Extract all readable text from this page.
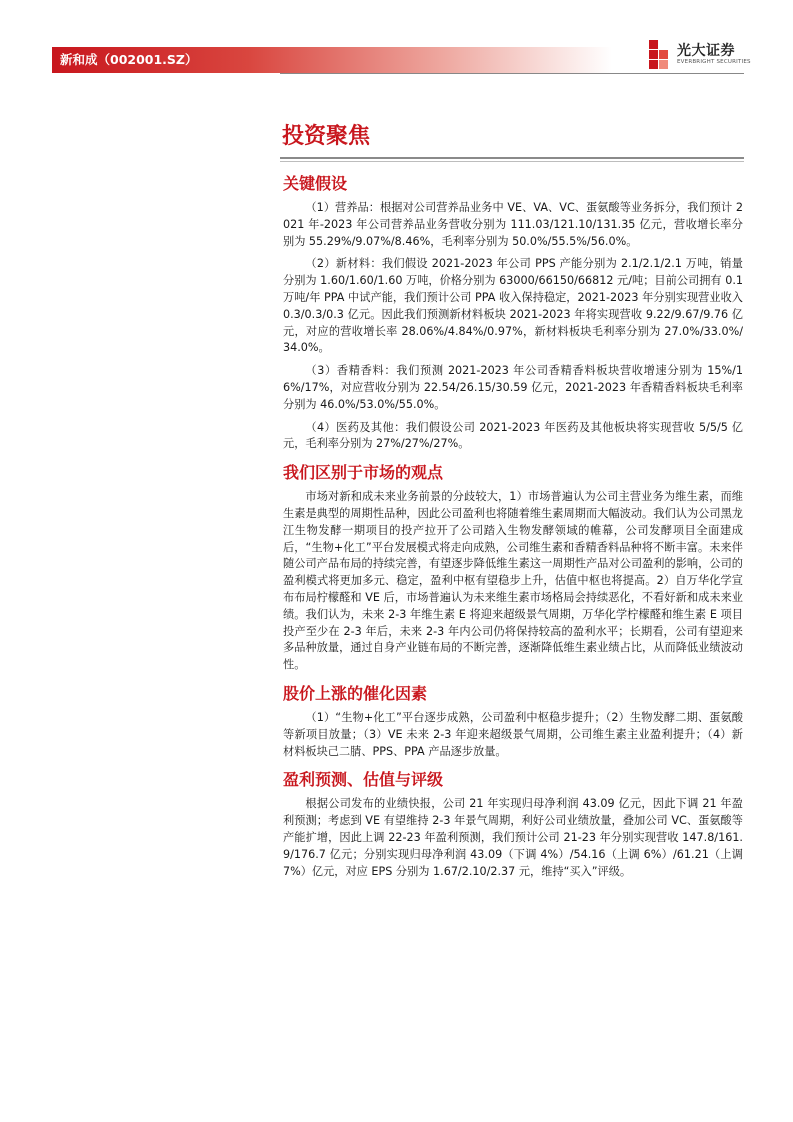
新和成（002001.SZ）
光大证券
EVERBRIGHT SECURITIES
投资聚焦
关键假设

（1）营养品：根据对公司营养品业务中 VE、VA、VC、蛋氨酸等业务拆分，我们预计 2021 年-2023 年公司营养品业务营收分别为 111.03/121.10/131.35 亿元，营收增长率分别为 55.29%/9.07%/8.46%，毛利率分别为 50.0%/55.5%/56.0%。

（2）新材料：我们假设 2021-2023 年公司 PPS 产能分别为 2.1/2.1/2.1 万吨，销量分别为 1.60/1.60/1.60 万吨，价格分别为 63000/66150/66812 元/吨；目前公司拥有 0.1 万吨/年 PPA 中试产能，我们预计公司 PPA 收入保持稳定，2021-2023 年分别实现营业收入 0.3/0.3/0.3 亿元。因此我们预测新材料板块 2021-2023 年将实现营收 9.22/9.67/9.76 亿元，对应的营收增长率 28.06%/4.84%/0.97%，新材料板块毛利率分别为 27.0%/33.0%/34.0%。

（3）香精香料：我们预测 2021-2023 年公司香精香料板块营收增速分别为 15%/16%/17%，对应营收分别为 22.54/26.15/30.59 亿元，2021-2023 年香精香料板块毛利率分别为 46.0%/53.0%/55.0%。

（4）医药及其他：我们假设公司 2021-2023 年医药及其他板块将实现营收 5/5/5 亿元，毛利率分别为 27%/27%/27%。

我们区别于市场的观点

市场对新和成未来业务前景的分歧较大，1）市场普遍认为公司主营业务为维生素，而维生素是典型的周期性品种，因此公司盈利也将随着维生素周期而大幅波动。我们认为公司黑龙江生物发酵一期项目的投产拉开了公司踏入生物发酵领域的帷幕，公司发酵项目全面建成后，“生物+化工”平台发展模式将走向成熟，公司维生素和香精香料品种将不断丰富。未来伴随公司产品布局的持续完善，有望逐步降低维生素这一周期性产品对公司盈利的影响，公司的盈利模式将更加多元、稳定，盈利中枢有望稳步上升，估值中枢也将提高。2）自万华化学宣布布局柠檬醛和 VE 后，市场普遍认为未来维生素市场格局会持续恶化，不看好新和成未来业绩。我们认为，未来 2-3 年维生素 E 将迎来超级景气周期，万华化学柠檬醛和维生素 E 项目投产至少在 2-3 年后，未来 2-3 年内公司仍将保持较高的盈利水平；长期看，公司有望迎来多品种放量，通过自身产业链布局的不断完善，逐渐降低维生素业绩占比，从而降低业绩波动性。

股价上涨的催化因素

（1）“生物+化工”平台逐步成熟，公司盈利中枢稳步提升；（2）生物发酵二期、蛋氨酸等新项目放量；（3）VE 未来 2-3 年迎来超级景气周期，公司维生素主业盈利提升；（4）新材料板块己二腈、PPS、PPA 产品逐步放量。

盈利预测、估值与评级

根据公司发布的业绩快报，公司 21 年实现归母净利润 43.09 亿元，因此下调 21 年盈利预测；考虑到 VE 有望维持 2-3 年景气周期，利好公司业绩放量，叠加公司 VC、蛋氨酸等产能扩增，因此上调 22-23 年盈利预测，我们预计公司 21-23 年分别实现营收 147.8/161.9/176.7 亿元；分别实现归母净利润 43.09（下调 4%）/54.16（上调 6%）/61.21（上调 7%）亿元，对应 EPS 分别为 1.67/2.10/2.37 元，维持“买入”评级。
